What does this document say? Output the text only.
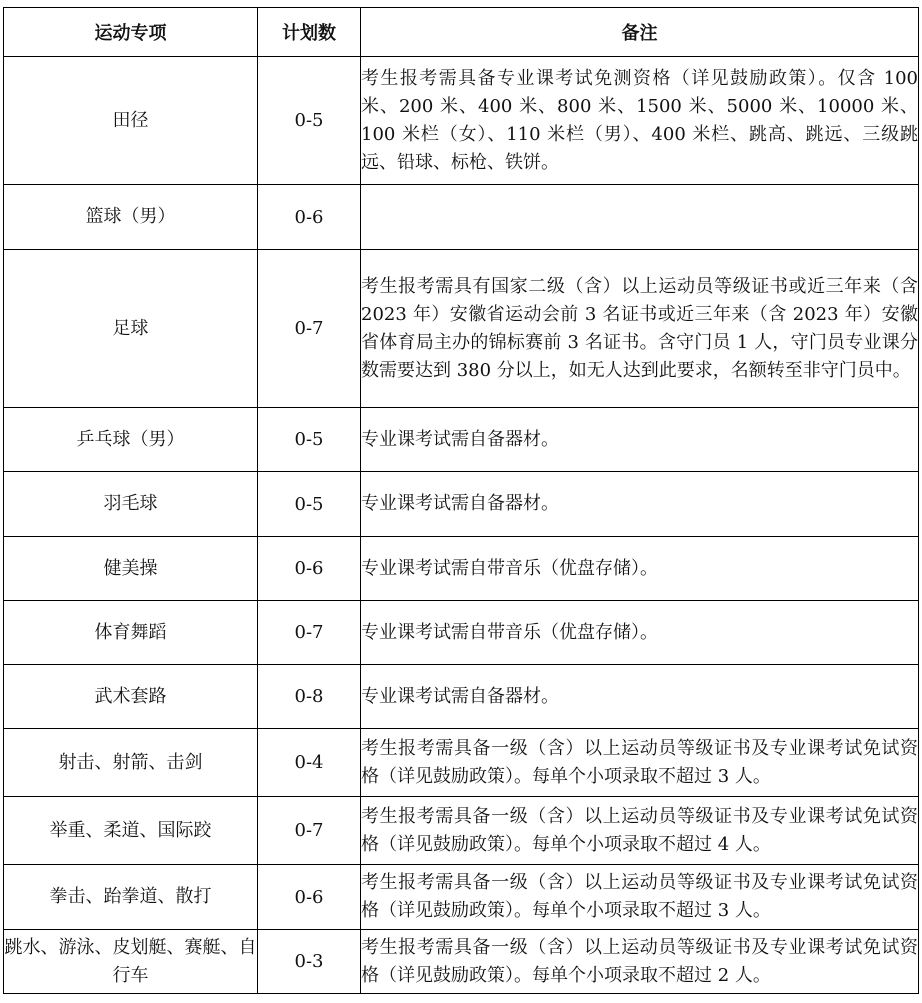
运动专项	计划数	备注
田径	0-5	考生报考需具备专业课考试免测资格（详见鼓励政策）。仅含 100 米、200 米、400 米、800 米、1500 米、5000 米、10000 米、100 米栏（女）、110 米栏（男）、400 米栏、跳高、跳远、三级跳远、铅球、标枪、铁饼。
篮球（男）	0-6	
足球	0-7	考生报考需具有国家二级（含）以上运动员等级证书或近三年来（含 2023 年）安徽省运动会前 3 名证书或近三年来（含 2023 年）安徽省体育局主办的锦标赛前 3 名证书。含守门员 1 人，守门员专业课分数需要达到 380 分以上，如无人达到此要求，名额转至非守门员中。
乒乓球（男）	0-5	专业课考试需自备器材。
羽毛球	0-5	专业课考试需自备器材。
健美操	0-6	专业课考试需自带音乐（优盘存储）。
体育舞蹈	0-7	专业课考试需自带音乐（优盘存储）。
武术套路	0-8	专业课考试需自备器材。
射击、射箭、击剑	0-4	考生报考需具备一级（含）以上运动员等级证书及专业课考试免试资格（详见鼓励政策）。每单个小项录取不超过 3 人。
举重、柔道、国际跤	0-7	考生报考需具备一级（含）以上运动员等级证书及专业课考试免试资格（详见鼓励政策）。每单个小项录取不超过 4 人。
拳击、跆拳道、散打	0-6	考生报考需具备一级（含）以上运动员等级证书及专业课考试免试资格（详见鼓励政策）。每单个小项录取不超过 3 人。
跳水、游泳、皮划艇、赛艇、自行车	0-3	考生报考需具备一级（含）以上运动员等级证书及专业课考试免试资格（详见鼓励政策）。每单个小项录取不超过 2 人。
